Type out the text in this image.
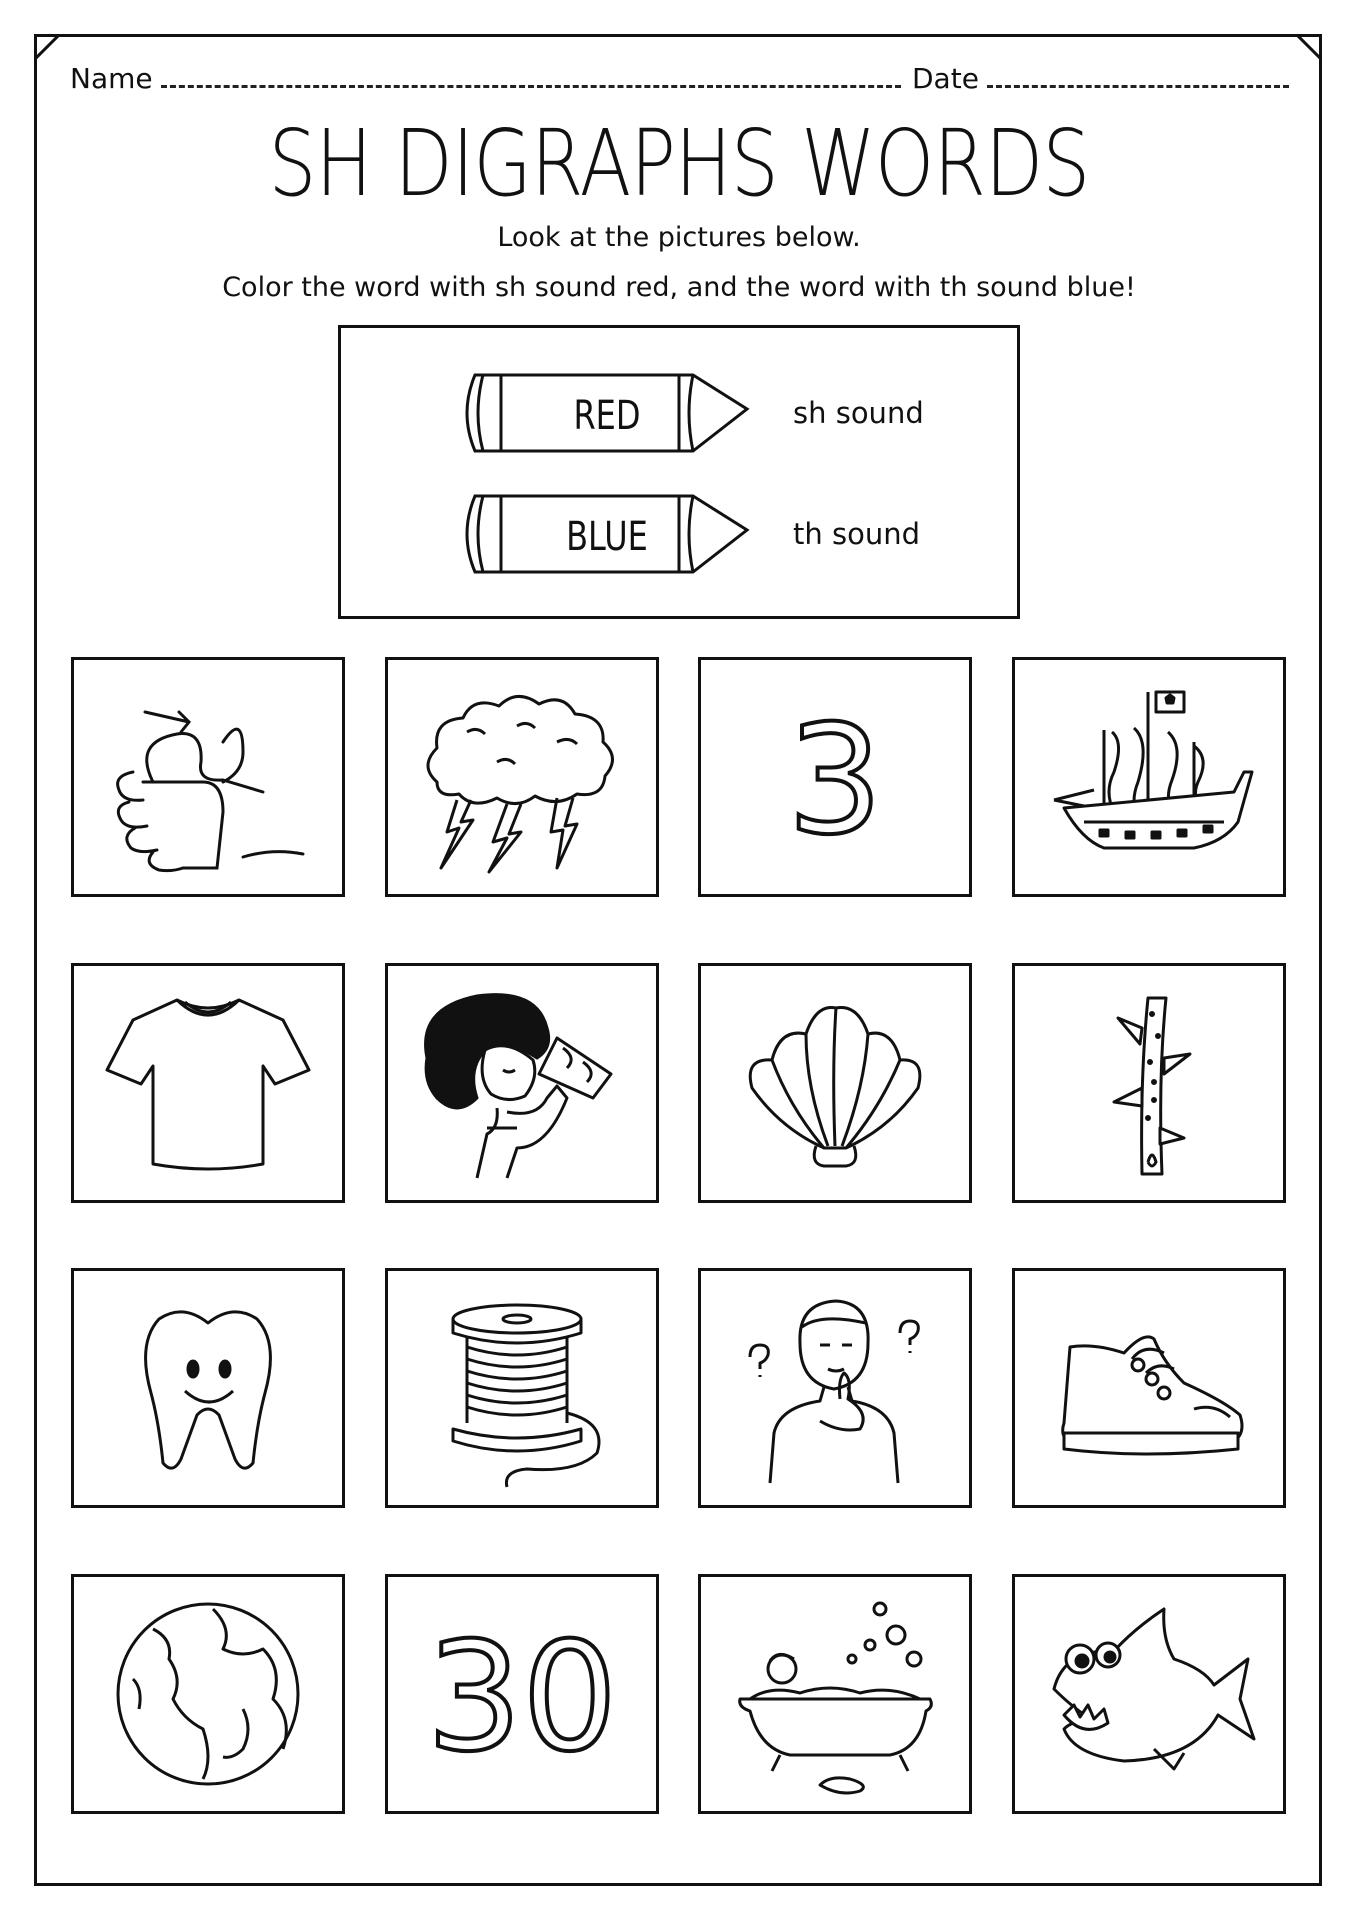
Name	Date
SH DIGRAPHS WORDS
Look at the pictures below.
Color the word with sh sound red, and the word with th sound blue!
RED	sh sound
BLUE	th sound
3
30
